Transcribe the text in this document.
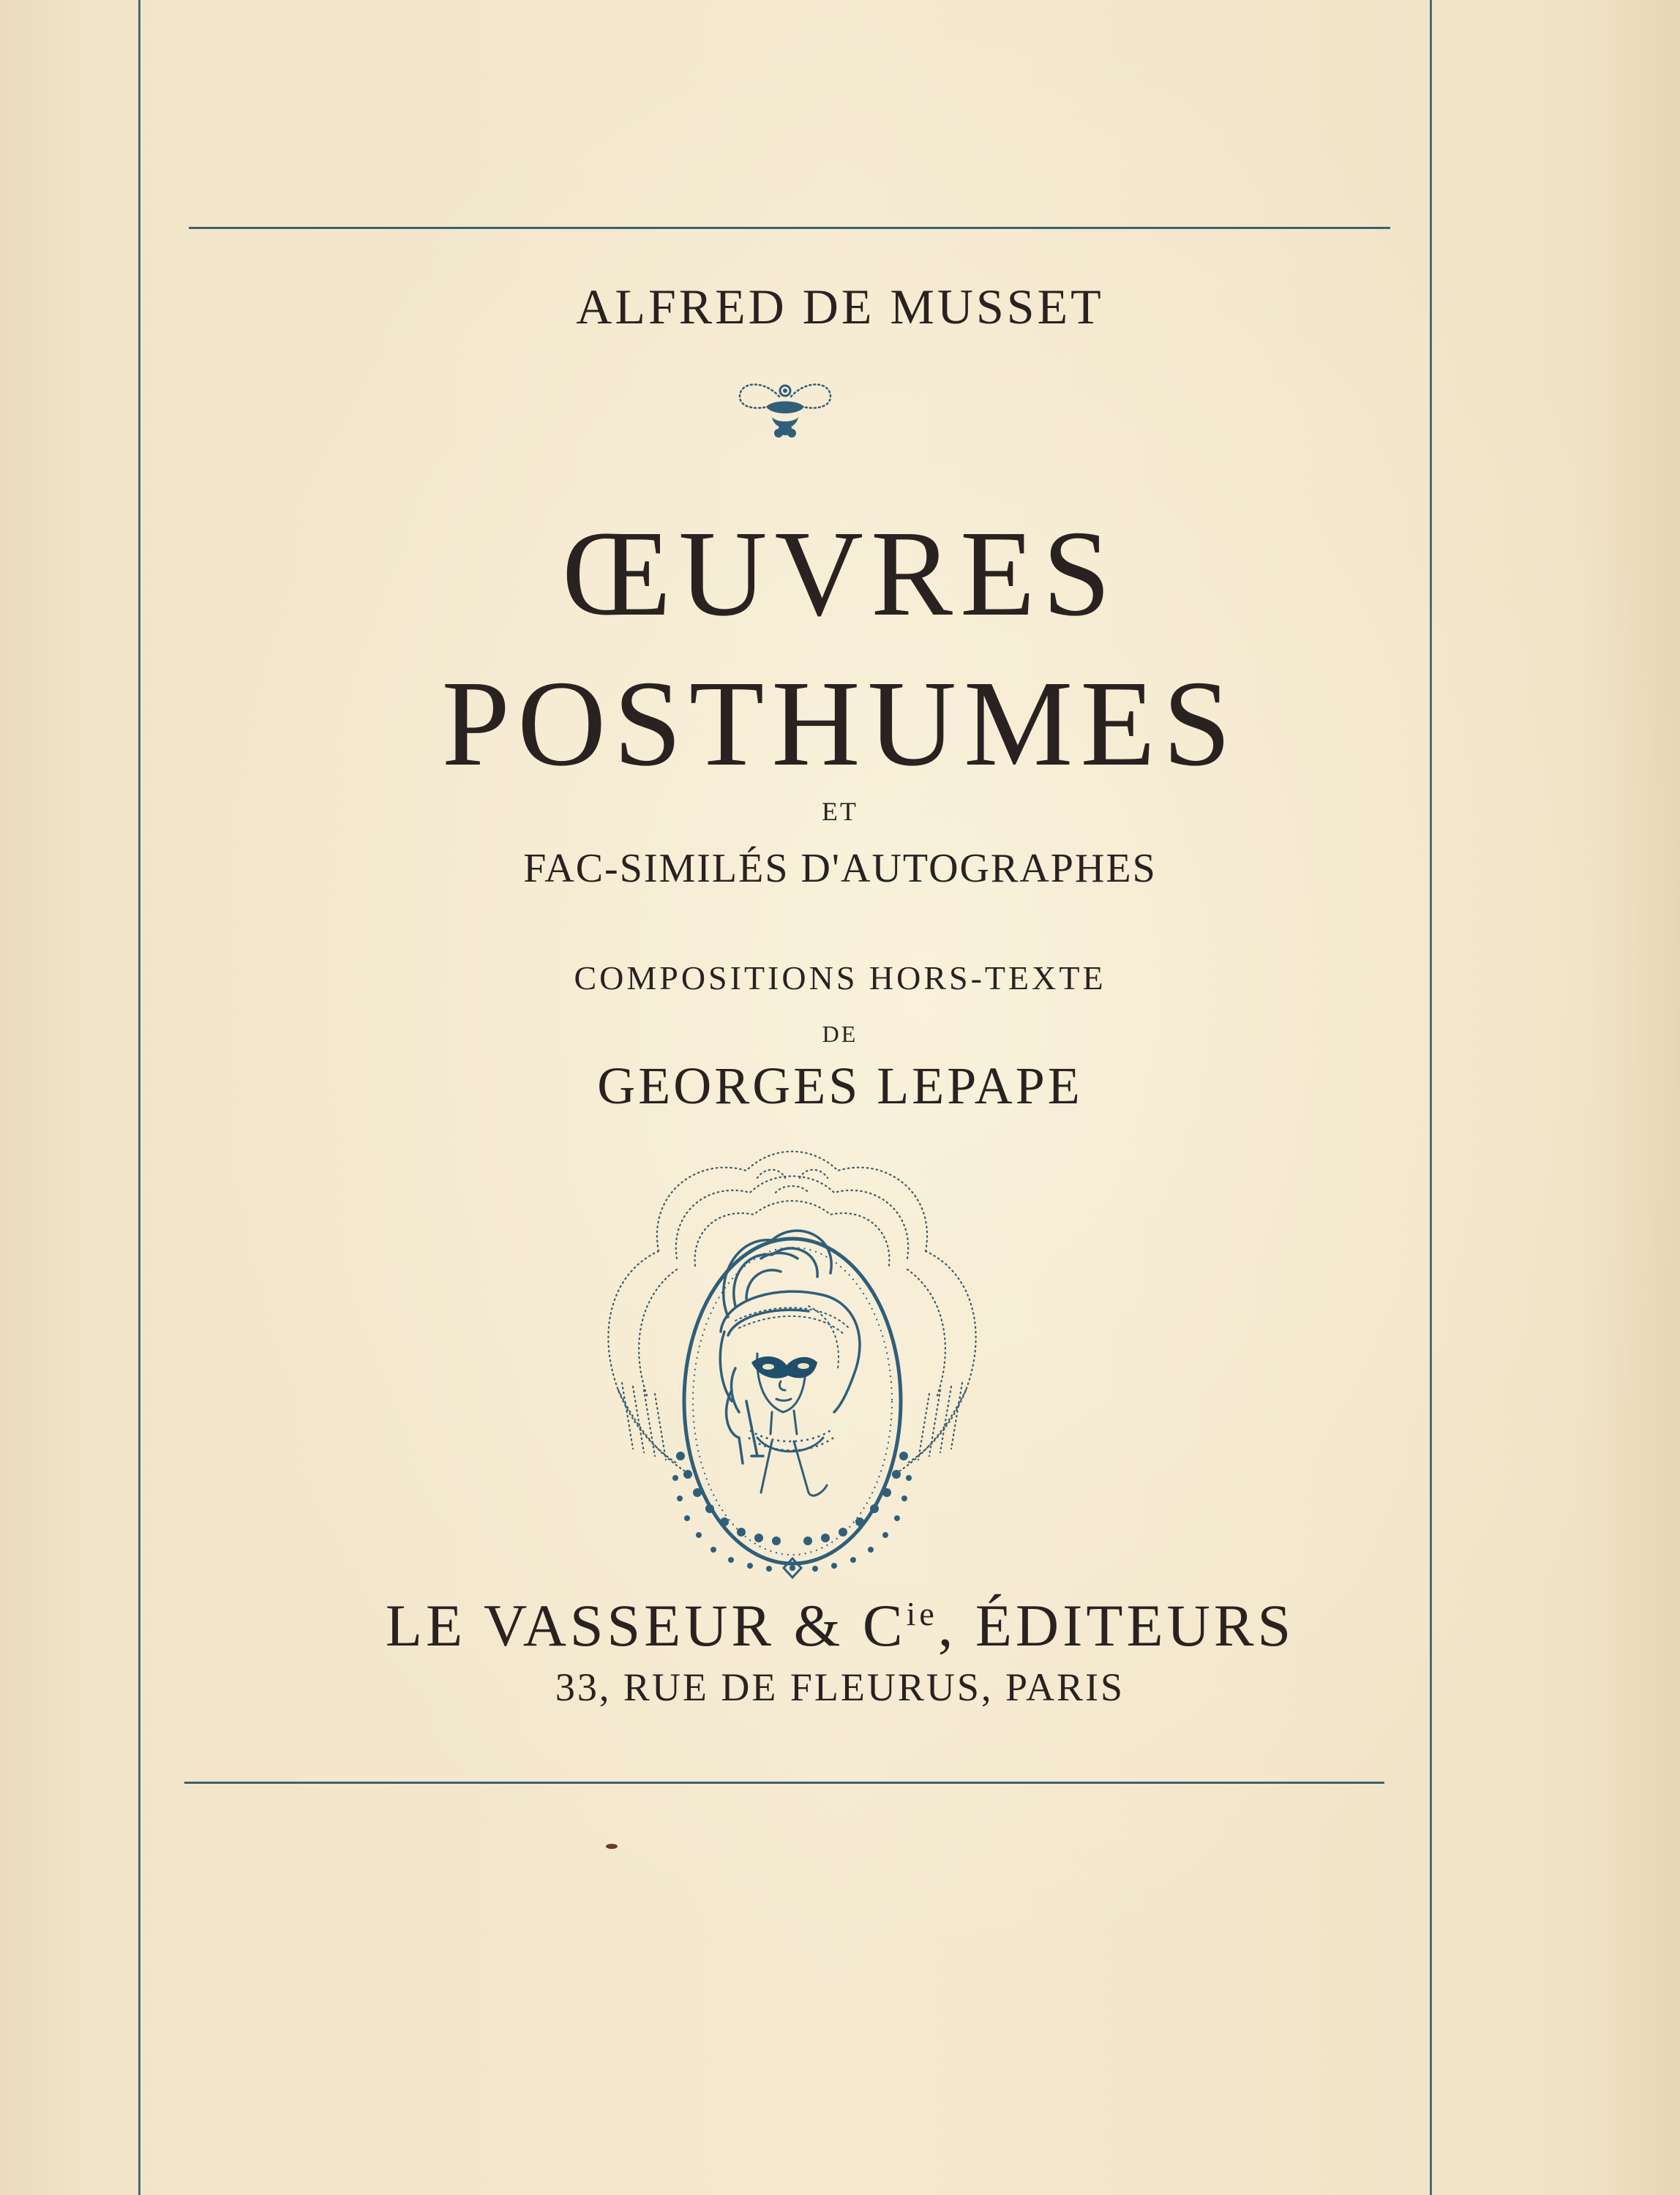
ALFRED DE MUSSET
ŒUVRES
POSTHUMES
ET
FAC-SIMILÉS D'AUTOGRAPHES
COMPOSITIONS HORS-TEXTE
DE
GEORGES LEPAPE
LE VASSEUR & $C^{ie}$, ÉDITEURS
33, RUE DE FLEURUS, PARIS
